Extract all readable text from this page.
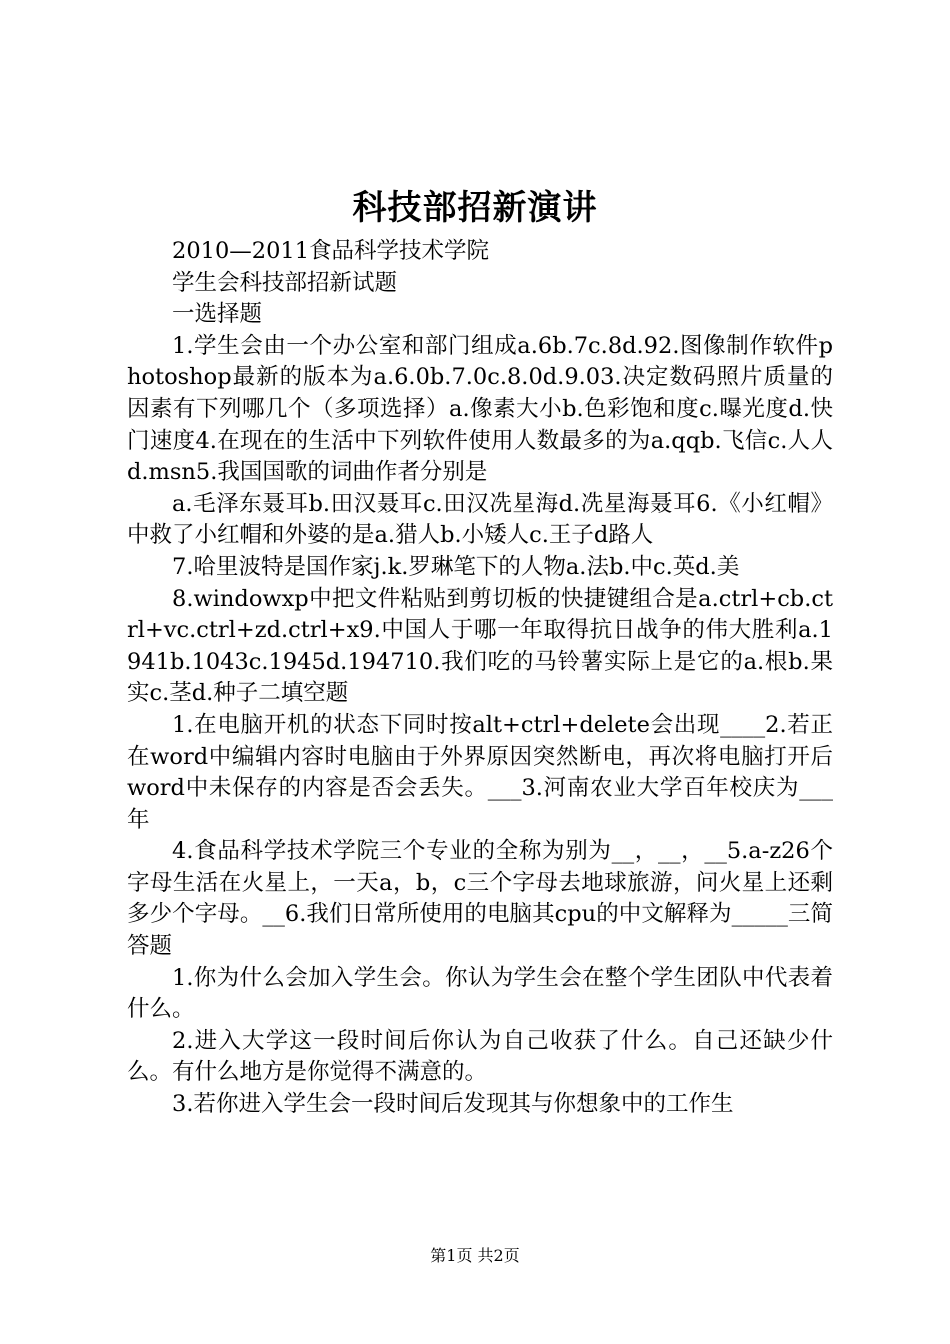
科技部招新演讲

2010—2011食品科学技术学院

学生会科技部招新试题

一选择题

1.学生会由一个办公室和部门组成a.6b.7c.8d.92.图像制作软件photoshop最新的版本为a.6.0b.7.0c.8.0d.9.03.决定数码照片质量的因素有下列哪几个（多项选择）a.像素大小b.色彩饱和度c.曝光度d.快门速度4.在现在的生活中下列软件使用人数最多的为a.qqb.飞信c.人人d.msn5.我国国歌的词曲作者分别是

a.毛泽东聂耳b.田汉聂耳c.田汉冼星海d.冼星海聂耳6.《小红帽》中救了小红帽和外婆的是a.猎人b.小矮人c.王子d路人

7.哈里波特是国作家j.k.罗琳笔下的人物a.法b.中c.英d.美

8.windowxp中把文件粘贴到剪切板的快捷键组合是a.ctrl+cb.ctrl+vc.ctrl+zd.ctrl+x9.中国人于哪一年取得抗日战争的伟大胜利a.1941b.1043c.1945d.194710.我们吃的马铃薯实际上是它的a.根b.果实c.茎d.种子二填空题

1.在电脑开机的状态下同时按alt+ctrl+delete会出现____2.若正在word中编辑内容时电脑由于外界原因突然断电，再次将电脑打开后word中未保存的内容是否会丢失。___3.河南农业大学百年校庆为___年

4.食品科学技术学院三个专业的全称为别为__，__，__5.a-z26个字母生活在火星上，一天a，b，c三个字母去地球旅游，问火星上还剩多少个字母。__6.我们日常所使用的电脑其cpu的中文解释为_____三简答题

1.你为什么会加入学生会。你认为学生会在整个学生团队中代表着什么。

2.进入大学这一段时间后你认为自己收获了什么。自己还缺少什么。有什么地方是你觉得不满意的。

3.若你进入学生会一段时间后发现其与你想象中的工作生

第1页 共2页
